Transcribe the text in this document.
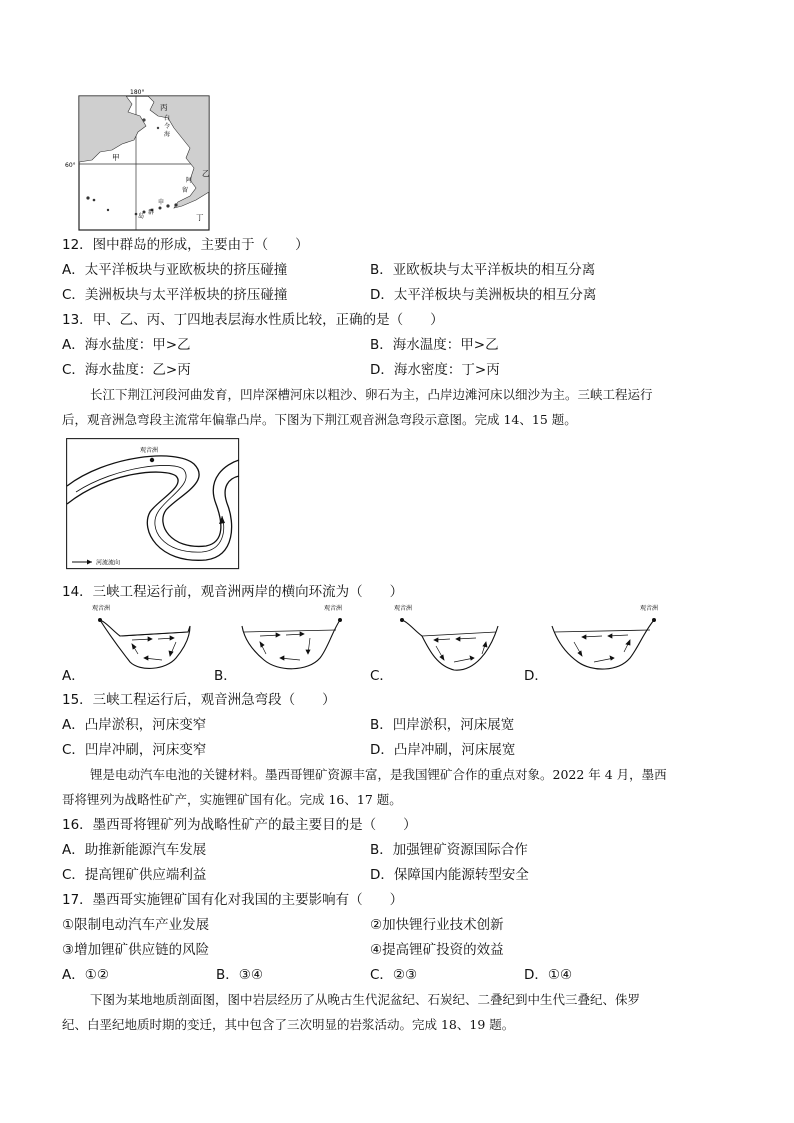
180°
60°
甲
乙
丙
丁
阿
留
申
群
岛
白
令
海
12．图中群岛的形成，主要由于（　　）
A．太平洋板块与亚欧板块的挤压碰撞	B．亚欧板块与太平洋板块的相互分离
C．美洲板块与太平洋板块的挤压碰撞	D．太平洋板块与美洲板块的相互分离
13．甲、乙、丙、丁四地表层海水性质比较，正确的是（　　）
A．海水盐度：甲>乙	B．海水温度：甲>乙
C．海水盐度：乙>丙	D．海水密度：丁>丙
长江下荆江河段河曲发育，凹岸深槽河床以粗沙、卵石为主，凸岸边滩河床以细沙为主。三峡工程运行
后，观音洲急弯段主流常年偏靠凸岸。下图为下荆江观音洲急弯段示意图。完成 14、15 题。
观音洲
河流流向
14．三峡工程运行前，观音洲两岸的横向环流为（　　）
观音洲
A．
观音洲
B．
观音洲
C．
观音洲
D．
15．三峡工程运行后，观音洲急弯段（　　）
A．凸岸淤积，河床变窄	B．凹岸淤积，河床展宽
C．凹岸冲刷，河床变窄	D．凸岸冲刷，河床展宽
锂是电动汽车电池的关键材料。墨西哥锂矿资源丰富，是我国锂矿合作的重点对象。2022 年 4 月，墨西
哥将锂列为战略性矿产，实施锂矿国有化。完成 16、17 题。
16．墨西哥将锂矿列为战略性矿产的最主要目的是（　　）
A．助推新能源汽车发展	B．加强锂矿资源国际合作
C．提高锂矿供应端利益	D．保障国内能源转型安全
17．墨西哥实施锂矿国有化对我国的主要影响有（　　）
①限制电动汽车产业发展	②加快锂行业技术创新
③增加锂矿供应链的风险	④提高锂矿投资的效益
A．①②	B．③④	C．②③	D．①④
下图为某地地质剖面图，图中岩层经历了从晚古生代泥盆纪、石炭纪、二叠纪到中生代三叠纪、侏罗
纪、白垩纪地质时期的变迁，其中包含了三次明显的岩浆活动。完成 18、19 题。
